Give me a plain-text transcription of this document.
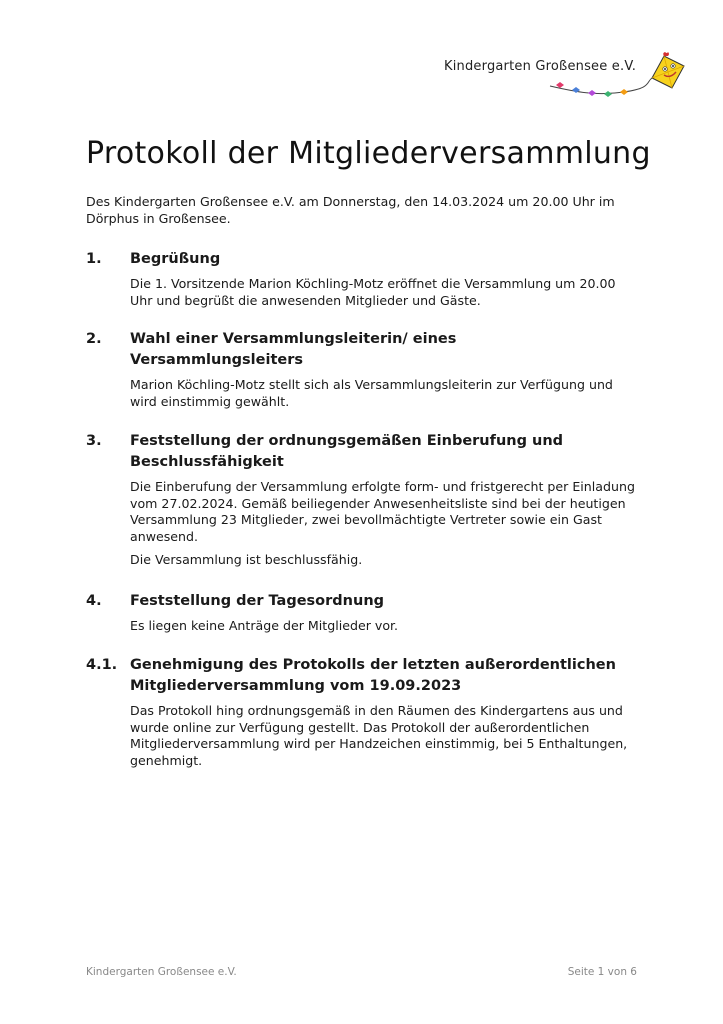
Kindergarten Großensee e.V.
Protokoll der Mitgliederversammlung

Des Kindergarten Großensee e.V. am Donnerstag, den 14.03.2024 um 20.00 Uhr im Dörphus in Großensee.

1.	Begrüßung

Die 1. Vorsitzende Marion Köchling-Motz eröffnet die Versammlung um 20.00 Uhr und begrüßt die anwesenden Mitglieder und Gäste.

2.	Wahl einer Versammlungsleiterin/ eines Versammlungsleiters

Marion Köchling-Motz stellt sich als Versammlungsleiterin zur Verfügung und wird einstimmig gewählt.

3.	Feststellung der ordnungsgemäßen Einberufung und Beschlussfähigkeit

Die Einberufung der Versammlung erfolgte form- und fristgerecht per Einladung vom 27.02.2024. Gemäß beiliegender Anwesenheitsliste sind bei der heutigen Versammlung 23 Mitglieder, zwei bevollmächtigte Vertreter sowie ein Gast anwesend.

Die Versammlung ist beschlussfähig.

4.	Feststellung der Tagesordnung

Es liegen keine Anträge der Mitglieder vor.

4.1. Genehmigung des Protokolls der letzten außerordentlichen Mitgliederversammlung vom 19.09.2023

Das Protokoll hing ordnungsgemäß in den Räumen des Kindergartens aus und wurde online zur Verfügung gestellt. Das Protokoll der außerordentlichen Mitgliederversammlung wird per Handzeichen einstimmig, bei 5 Enthaltungen, genehmigt.

Kindergarten Großensee e.V.	Seite 1 von 6
